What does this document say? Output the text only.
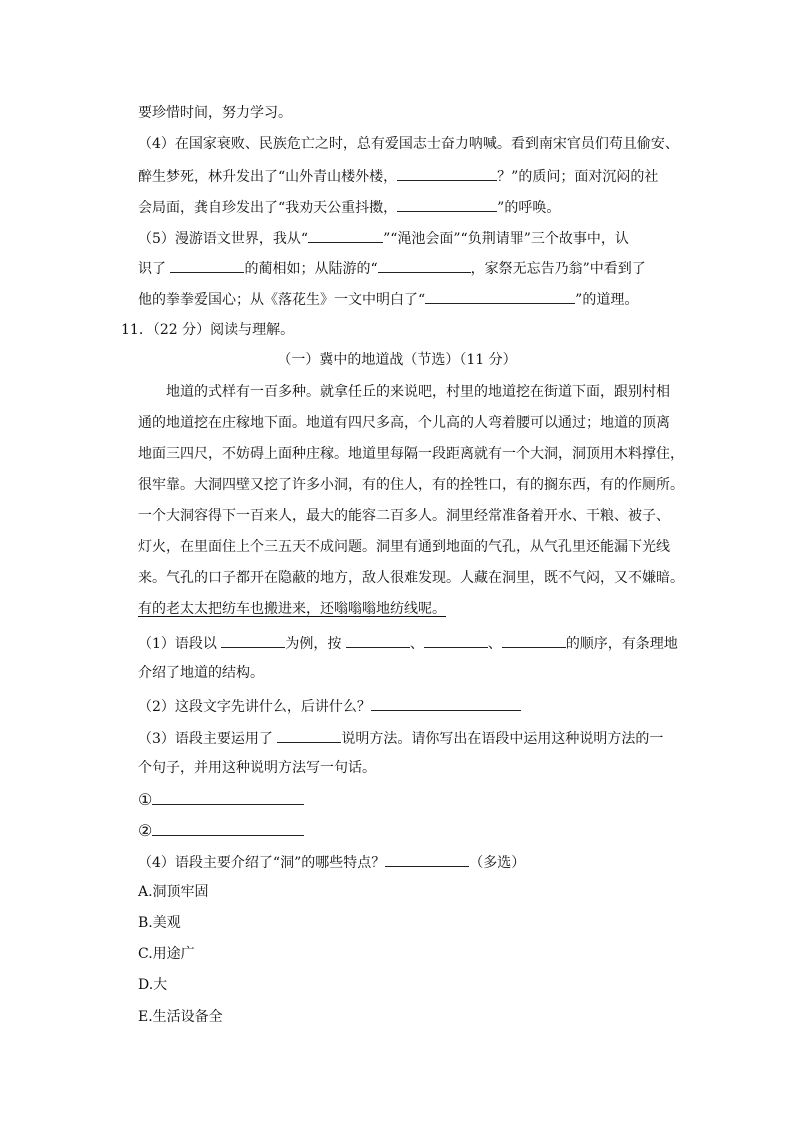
要珍惜时间，努力学习。
（4）在国家衰败、民族危亡之时，总有爱国志士奋力呐喊。看到南宋官员们苟且偷安、
醉生梦死，林升发出了“山外青山楼外楼，	？”的质问；面对沉闷的社
会局面，龚自珍发出了“我劝天公重抖擞，	”的呼唤。
（5）漫游语文世界，我从“	”“渑池会面”“负荆请罪”三个故事中，认
识了	的蔺相如；从陆游的“	，家祭无忘告乃翁”中看到了
他的拳拳爱国心；从《落花生》一文中明白了“	”的道理。
11．（22 分）阅读与理解。
（一）冀中的地道战（节选）（11 分）
地道的式样有一百多种。就拿任丘的来说吧，村里的地道挖在街道下面，跟别村相
通的地道挖在庄稼地下面。地道有四尺多高，个儿高的人弯着腰可以通过；地道的顶离
地面三四尺，不妨碍上面种庄稼。地道里每隔一段距离就有一个大洞，洞顶用木料撑住，
很牢靠。大洞四壁又挖了许多小洞，有的住人，有的拴牲口，有的搁东西，有的作厕所。
一个大洞容得下一百来人，最大的能容二百多人。洞里经常准备着开水、干粮、被子、
灯火，在里面住上个三五天不成问题。洞里有通到地面的气孔，从气孔里还能漏下光线
来。气孔的口子都开在隐蔽的地方，敌人很难发现。人藏在洞里，既不气闷，又不嫌暗。
有的老太太把纺车也搬进来，还嗡嗡嗡地纺线呢。
（1）语段以	为例，按	、	、	的顺序，有条理地
介绍了地道的结构。
（2）这段文字先讲什么，后讲什么？
（3）语段主要运用了	说明方法。请你写出在语段中运用这种说明方法的一
个句子，并用这种说明方法写一句话。
①
②
（4）语段主要介绍了“洞”的哪些特点？	（多选）
A.洞顶牢固
B.美观
C.用途广
D.大
E.生活设备全
